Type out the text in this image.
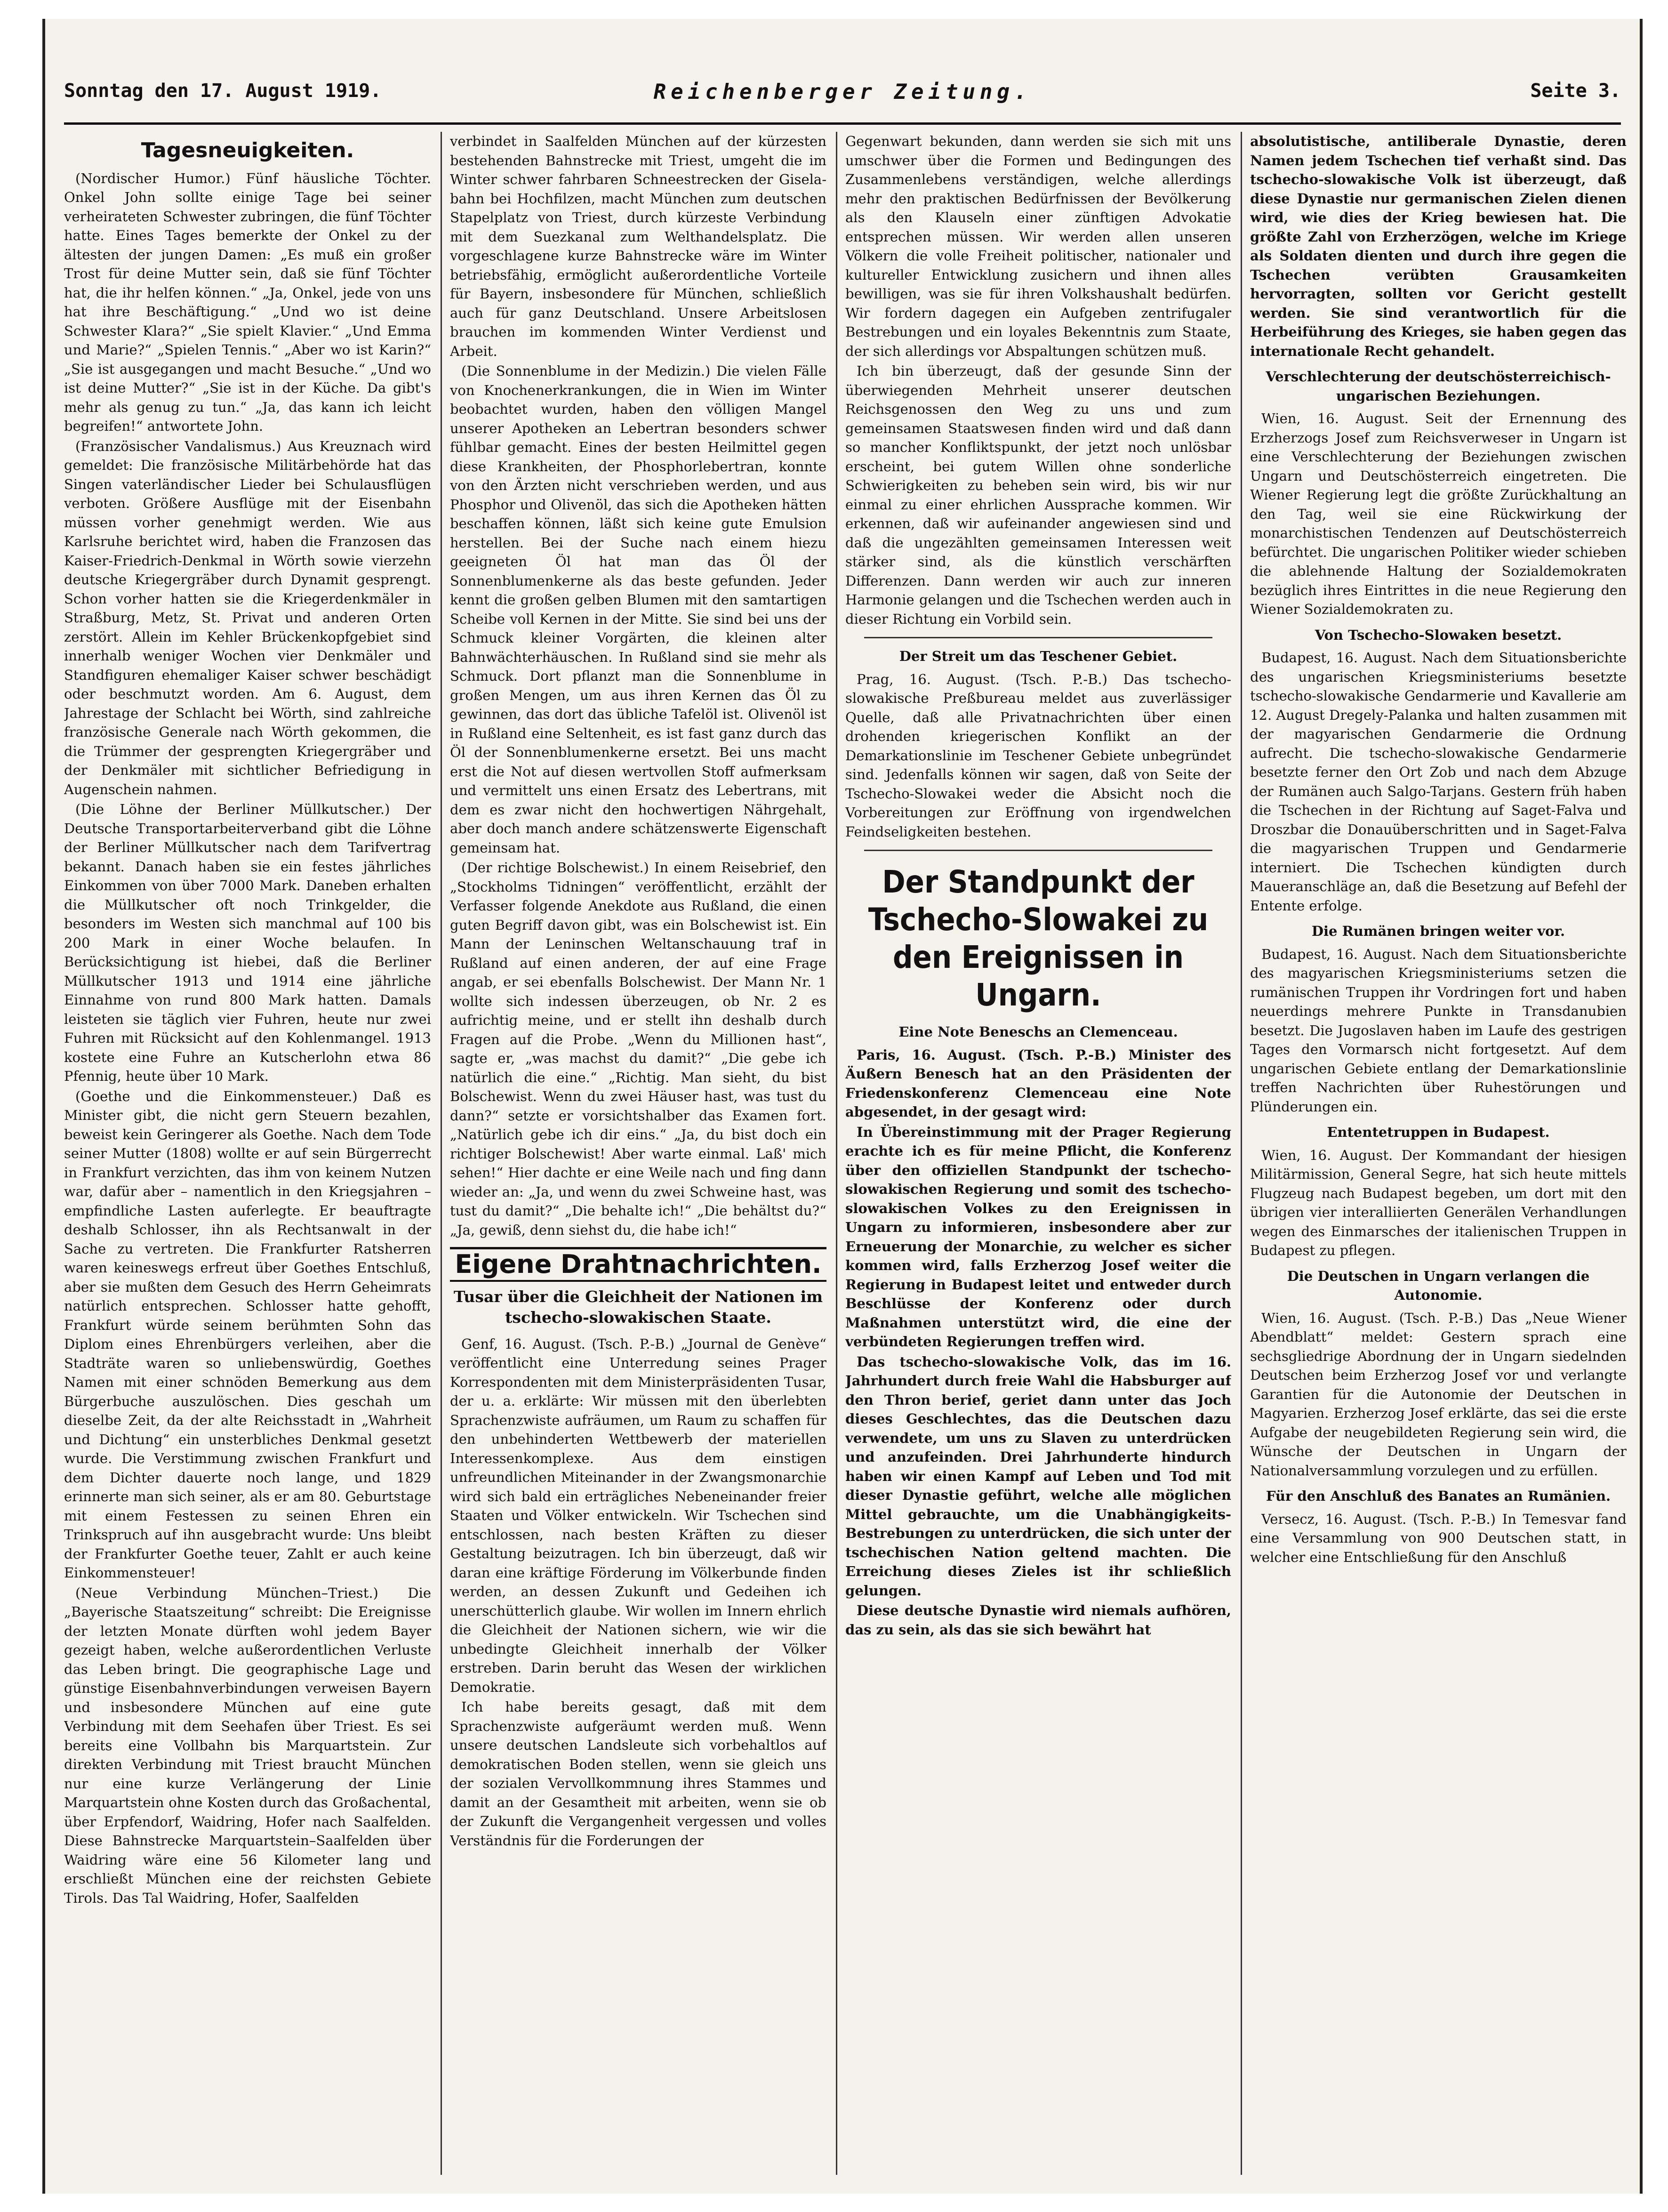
Sonntag den 17. August 1919.	Reichenberger Zeitung.	Seite 3.
Tagesneuigkeiten.

(Nordischer Humor.) Fünf häusliche Töchter. Onkel John sollte einige Tage bei seiner verheirateten Schwester zubringen, die fünf Töchter hatte. Eines Tages bemerkte der Onkel zu der ältesten der jungen Damen: „Es muß ein großer Trost für deine Mutter sein, daß sie fünf Töchter hat, die ihr helfen können.“ „Ja, Onkel, jede von uns hat ihre Beschäftigung.“ „Und wo ist deine Schwester Klara?“ „Sie spielt Klavier.“ „Und Emma und Marie?“ „Spielen Tennis.“ „Aber wo ist Karin?“ „Sie ist ausgegangen und macht Besuche.“ „Und wo ist deine Mutter?“ „Sie ist in der Küche. Da gibt's mehr als genug zu tun.“ „Ja, das kann ich leicht begreifen!“ antwortete John.

(Französischer Vandalismus.) Aus Kreuznach wird gemeldet: Die französische Militärbehörde hat das Singen vaterländischer Lieder bei Schulausflügen verboten. Größere Ausflüge mit der Eisenbahn müssen vorher genehmigt werden. Wie aus Karlsruhe berichtet wird, haben die Franzosen das Kaiser-Friedrich-Denkmal in Wörth sowie vierzehn deutsche Kriegergräber durch Dynamit gesprengt. Schon vorher hatten sie die Kriegerdenkmäler in Straßburg, Metz, St. Privat und anderen Orten zerstört. Allein im Kehler Brückenkopfgebiet sind innerhalb weniger Wochen vier Denkmäler und Standfiguren ehemaliger Kaiser schwer beschädigt oder beschmutzt worden. Am 6. August, dem Jahrestage der Schlacht bei Wörth, sind zahlreiche französische Generale nach Wörth gekommen, die die Trümmer der gesprengten Kriegergräber und der Denkmäler mit sichtlicher Befriedigung in Augenschein nahmen.

(Die Löhne der Berliner Müllkutscher.) Der Deutsche Transportarbeiterverband gibt die Löhne der Berliner Müllkutscher nach dem Tarifvertrag bekannt. Danach haben sie ein festes jährliches Einkommen von über 7000 Mark. Daneben erhalten die Müllkutscher oft noch Trinkgelder, die besonders im Westen sich manchmal auf 100 bis 200 Mark in einer Woche belaufen. In Berücksichtigung ist hiebei, daß die Berliner Müllkutscher 1913 und 1914 eine jährliche Einnahme von rund 800 Mark hatten. Damals leisteten sie täglich vier Fuhren, heute nur zwei Fuhren mit Rücksicht auf den Kohlenmangel. 1913 kostete eine Fuhre an Kutscherlohn etwa 86 Pfennig, heute über 10 Mark.

(Goethe und die Einkommensteuer.) Daß es Minister gibt, die nicht gern Steuern bezahlen, beweist kein Geringerer als Goethe. Nach dem Tode seiner Mutter (1808) wollte er auf sein Bürgerrecht in Frankfurt verzichten, das ihm von keinem Nutzen war, dafür aber – namentlich in den Kriegsjahren – empfindliche Lasten auferlegte. Er beauftragte deshalb Schlosser, ihn als Rechtsanwalt in der Sache zu vertreten. Die Frankfurter Ratsherren waren keineswegs erfreut über Goethes Entschluß, aber sie mußten dem Gesuch des Herrn Geheimrats natürlich entsprechen. Schlosser hatte gehofft, Frankfurt würde seinem berühmten Sohn das Diplom eines Ehrenbürgers verleihen, aber die Stadträte waren so unliebenswürdig, Goethes Namen mit einer schnöden Bemerkung aus dem Bürgerbuche auszulöschen. Dies geschah um dieselbe Zeit, da der alte Reichsstadt in „Wahrheit und Dichtung“ ein unsterbliches Denkmal gesetzt wurde. Die Verstimmung zwischen Frankfurt und dem Dichter dauerte noch lange, und 1829 erinnerte man sich seiner, als er am 80. Geburtstage mit einem Festessen zu seinen Ehren ein Trinkspruch auf ihn ausgebracht wurde: Uns bleibt der Frankfurter Goethe teuer, Zahlt er auch keine Einkommensteuer!

(Neue Verbindung München–Triest.) Die „Bayerische Staatszeitung“ schreibt: Die Ereignisse der letzten Monate dürften wohl jedem Bayer gezeigt haben, welche außerordentlichen Verluste das Leben bringt. Die geographische Lage und günstige Eisenbahnverbindungen verweisen Bayern und insbesondere München auf eine gute Verbindung mit dem Seehafen über Triest. Es sei bereits eine Vollbahn bis Marquartstein. Zur direkten Verbindung mit Triest braucht München nur eine kurze Verlängerung der Linie Marquartstein ohne Kosten durch das Großachental, über Erpfendorf, Waidring, Hofer nach Saalfelden. Diese Bahnstrecke Marquartstein–Saalfelden über Waidring wäre eine 56 Kilometer lang und erschließt München eine der reichsten Gebiete Tirols. Das Tal Waidring, Hofer, Saalfelden

verbindet in Saalfelden München auf der kürzesten bestehenden Bahnstrecke mit Triest, umgeht die im Winter schwer fahrbaren Schneestrecken der Giselabahn bei Hochfilzen, macht München zum deutschen Stapelplatz von Triest, durch kürzeste Verbindung mit dem Suezkanal zum Welthandelsplatz. Die vorgeschlagene kurze Bahnstrecke wäre im Winter betriebsfähig, ermöglicht außerordentliche Vorteile für Bayern, insbesondere für München, schließlich auch für ganz Deutschland. Unsere Arbeitslosen brauchen im kommenden Winter Verdienst und Arbeit.

(Die Sonnenblume in der Medizin.) Die vielen Fälle von Knochenerkrankungen, die in Wien im Winter beobachtet wurden, haben den völligen Mangel unserer Apotheken an Lebertran besonders schwer fühlbar gemacht. Eines der besten Heilmittel gegen diese Krankheiten, der Phosphorlebertran, konnte von den Ärzten nicht verschrieben werden, und aus Phosphor und Olivenöl, das sich die Apotheken hätten beschaffen können, läßt sich keine gute Emulsion herstellen. Bei der Suche nach einem hiezu geeigneten Öl hat man das Öl der Sonnenblumenkerne als das beste gefunden. Jeder kennt die großen gelben Blumen mit den samtartigen Scheibe voll Kernen in der Mitte. Sie sind bei uns der Schmuck kleiner Vorgärten, die kleinen alter Bahnwächterhäuschen. In Rußland sind sie mehr als Schmuck. Dort pflanzt man die Sonnenblume in großen Mengen, um aus ihren Kernen das Öl zu gewinnen, das dort das übliche Tafelöl ist. Olivenöl ist in Rußland eine Seltenheit, es ist fast ganz durch das Öl der Sonnenblumenkerne ersetzt. Bei uns macht erst die Not auf diesen wertvollen Stoff aufmerksam und vermittelt uns einen Ersatz des Lebertrans, mit dem es zwar nicht den hochwertigen Nährgehalt, aber doch manch andere schätzenswerte Eigenschaft gemeinsam hat.

(Der richtige Bolschewist.) In einem Reisebrief, den „Stockholms Tidningen“ veröffentlicht, erzählt der Verfasser folgende Anekdote aus Rußland, die einen guten Begriff davon gibt, was ein Bolschewist ist. Ein Mann der Leninschen Weltanschauung traf in Rußland auf einen anderen, der auf eine Frage angab, er sei ebenfalls Bolschewist. Der Mann Nr. 1 wollte sich indessen überzeugen, ob Nr. 2 es aufrichtig meine, und er stellt ihn deshalb durch Fragen auf die Probe. „Wenn du Millionen hast“, sagte er, „was machst du damit?“ „Die gebe ich natürlich die eine.“ „Richtig. Man sieht, du bist Bolschewist. Wenn du zwei Häuser hast, was tust du dann?“ setzte er vorsichtshalber das Examen fort. „Natürlich gebe ich dir eins.“ „Ja, du bist doch ein richtiger Bolschewist! Aber warte einmal. Laß' mich sehen!“ Hier dachte er eine Weile nach und fing dann wieder an: „Ja, und wenn du zwei Schweine hast, was tust du damit?“ „Die behalte ich!“ „Die behältst du?“ „Ja, gewiß, denn siehst du, die habe ich!“

Eigene Drahtnachrichten.
Tusar über die Gleichheit der Nationen im tschecho-slowakischen Staate.

Genf, 16. August. (Tsch. P.-B.) „Journal de Genève“ veröffentlicht eine Unterredung seines Prager Korrespondenten mit dem Ministerpräsidenten Tusar, der u. a. erklärte: Wir müssen mit den überlebten Sprachenzwiste aufräumen, um Raum zu schaffen für den unbehinderten Wettbewerb der materiellen Interessenkomplexe. Aus dem einstigen unfreundlichen Miteinander in der Zwangsmonarchie wird sich bald ein erträgliches Nebeneinander freier Staaten und Völker entwickeln. Wir Tschechen sind entschlossen, nach besten Kräften zu dieser Gestaltung beizutragen. Ich bin überzeugt, daß wir daran eine kräftige Förderung im Völkerbunde finden werden, an dessen Zukunft und Gedeihen ich unerschütterlich glaube. Wir wollen im Innern ehrlich die Gleichheit der Nationen sichern, wie wir die unbedingte Gleichheit innerhalb der Völker erstreben. Darin beruht das Wesen der wirklichen Demokratie.

Ich habe bereits gesagt, daß mit dem Sprachenzwiste aufgeräumt werden muß. Wenn unsere deutschen Landsleute sich vorbehaltlos auf demokratischen Boden stellen, wenn sie gleich uns der sozialen Vervollkommnung ihres Stammes und damit an der Gesamtheit mit arbeiten, wenn sie ob der Zukunft die Vergangenheit vergessen und volles Verständnis für die Forderungen der

Gegenwart bekunden, dann werden sie sich mit uns umschwer über die Formen und Bedingungen des Zusammenlebens verständigen, welche allerdings mehr den praktischen Bedürfnissen der Bevölkerung als den Klauseln einer zünftigen Advokatie entsprechen müssen. Wir werden allen unseren Völkern die volle Freiheit politischer, nationaler und kultureller Entwicklung zusichern und ihnen alles bewilligen, was sie für ihren Volkshaushalt bedürfen. Wir fordern dagegen ein Aufgeben zentrifugaler Bestrebungen und ein loyales Bekenntnis zum Staate, der sich allerdings vor Abspaltungen schützen muß.

Ich bin überzeugt, daß der gesunde Sinn der überwiegenden Mehrheit unserer deutschen Reichsgenossen den Weg zu uns und zum gemeinsamen Staatswesen finden wird und daß dann so mancher Konfliktspunkt, der jetzt noch unlösbar erscheint, bei gutem Willen ohne sonderliche Schwierigkeiten zu beheben sein wird, bis wir nur einmal zu einer ehrlichen Aussprache kommen. Wir erkennen, daß wir aufeinander angewiesen sind und daß die ungezählten gemeinsamen Interessen weit stärker sind, als die künstlich verschärften Differenzen. Dann werden wir auch zur inneren Harmonie gelangen und die Tschechen werden auch in dieser Richtung ein Vorbild sein.

Der Streit um das Teschener Gebiet.

Prag, 16. August. (Tsch. P.-B.) Das tschecho-slowakische Preßbureau meldet aus zuverlässiger Quelle, daß alle Privatnachrichten über einen drohenden kriegerischen Konflikt an der Demarkationslinie im Teschener Gebiete unbegründet sind. Jedenfalls können wir sagen, daß von Seite der Tschecho-Slowakei weder die Absicht noch die Vorbereitungen zur Eröffnung von irgendwelchen Feindseligkeiten bestehen.

Der Standpunkt der Tschecho-Slowakei zu den Ereignissen in Ungarn.
Eine Note Beneschs an Clemenceau.

Paris, 16. August. (Tsch. P.-B.) Minister des Äußern Benesch hat an den Präsidenten der Friedenskonferenz Clemenceau eine Note abgesendet, in der gesagt wird:

In Übereinstimmung mit der Prager Regierung erachte ich es für meine Pflicht, die Konferenz über den offiziellen Standpunkt der tschecho-slowakischen Regierung und somit des tschecho-slowakischen Volkes zu den Ereignissen in Ungarn zu informieren, insbesondere aber zur Erneuerung der Monarchie, zu welcher es sicher kommen wird, falls Erzherzog Josef weiter die Regierung in Budapest leitet und entweder durch Beschlüsse der Konferenz oder durch Maßnahmen unterstützt wird, die eine der verbündeten Regierungen treffen wird.

Das tschecho-slowakische Volk, das im 16. Jahrhundert durch freie Wahl die Habsburger auf den Thron berief, geriet dann unter das Joch dieses Geschlechtes, das die Deutschen dazu verwendete, um uns zu Slaven zu unterdrücken und anzufeinden. Drei Jahrhunderte hindurch haben wir einen Kampf auf Leben und Tod mit dieser Dynastie geführt, welche alle möglichen Mittel gebrauchte, um die Unabhängigkeits-Bestrebungen zu unterdrücken, die sich unter der tschechischen Nation geltend machten. Die Erreichung dieses Zieles ist ihr schließlich gelungen.

Diese deutsche Dynastie wird niemals aufhören, das zu sein, als das sie sich bewährt hat

absolutistische, antiliberale Dynastie, deren Namen jedem Tschechen tief verhaßt sind. Das tschecho-slowakische Volk ist überzeugt, daß diese Dynastie nur germanischen Zielen dienen wird, wie dies der Krieg bewiesen hat. Die größte Zahl von Erzherzögen, welche im Kriege als Soldaten dienten und durch ihre gegen die Tschechen verübten Grausamkeiten hervorragten, sollten vor Gericht gestellt werden. Sie sind verantwortlich für die Herbeiführung des Krieges, sie haben gegen das internationale Recht gehandelt.

Verschlechterung der deutschösterreichisch-ungarischen Beziehungen.

Wien, 16. August. Seit der Ernennung des Erzherzogs Josef zum Reichsverweser in Ungarn ist eine Verschlechterung der Beziehungen zwischen Ungarn und Deutschösterreich eingetreten. Die Wiener Regierung legt die größte Zurückhaltung an den Tag, weil sie eine Rückwirkung der monarchistischen Tendenzen auf Deutschösterreich befürchtet. Die ungarischen Politiker wieder schieben die ablehnende Haltung der Sozialdemokraten bezüglich ihres Eintrittes in die neue Regierung den Wiener Sozialdemokraten zu.

Von Tschecho-Slowaken besetzt.

Budapest, 16. August. Nach dem Situationsberichte des ungarischen Kriegsministeriums besetzte tschecho-slowakische Gendarmerie und Kavallerie am 12. August Dregely-Palanka und halten zusammen mit der magyarischen Gendarmerie die Ordnung aufrecht. Die tschecho-slowakische Gendarmerie besetzte ferner den Ort Zob und nach dem Abzuge der Rumänen auch Salgo-Tarjans. Gestern früh haben die Tschechen in der Richtung auf Saget-Falva und Droszbar die Donauüberschritten und in Saget-Falva die magyarischen Truppen und Gendarmerie interniert. Die Tschechen kündigten durch Maueranschläge an, daß die Besetzung auf Befehl der Entente erfolge.

Die Rumänen bringen weiter vor.

Budapest, 16. August. Nach dem Situationsberichte des magyarischen Kriegsministeriums setzen die rumänischen Truppen ihr Vordringen fort und haben neuerdings mehrere Punkte in Transdanubien besetzt. Die Jugoslaven haben im Laufe des gestrigen Tages den Vormarsch nicht fortgesetzt. Auf dem ungarischen Gebiete entlang der Demarkationslinie treffen Nachrichten über Ruhestörungen und Plünderungen ein.

Ententetruppen in Budapest.

Wien, 16. August. Der Kommandant der hiesigen Militärmission, General Segre, hat sich heute mittels Flugzeug nach Budapest begeben, um dort mit den übrigen vier interalliierten Generälen Verhandlungen wegen des Einmarsches der italienischen Truppen in Budapest zu pflegen.

Die Deutschen in Ungarn verlangen die Autonomie.

Wien, 16. August. (Tsch. P.-B.) Das „Neue Wiener Abendblatt“ meldet: Gestern sprach eine sechsgliedrige Abordnung der in Ungarn siedelnden Deutschen beim Erzherzog Josef vor und verlangte Garantien für die Autonomie der Deutschen in Magyarien. Erzherzog Josef erklärte, das sei die erste Aufgabe der neugebildeten Regierung sein wird, die Wünsche der Deutschen in Ungarn der Nationalversammlung vorzulegen und zu erfüllen.

Für den Anschluß des Banates an Rumänien.

Versecz, 16. August. (Tsch. P.-B.) In Temesvar fand eine Versammlung von 900 Deutschen statt, in welcher eine Entschließung für den Anschluß
